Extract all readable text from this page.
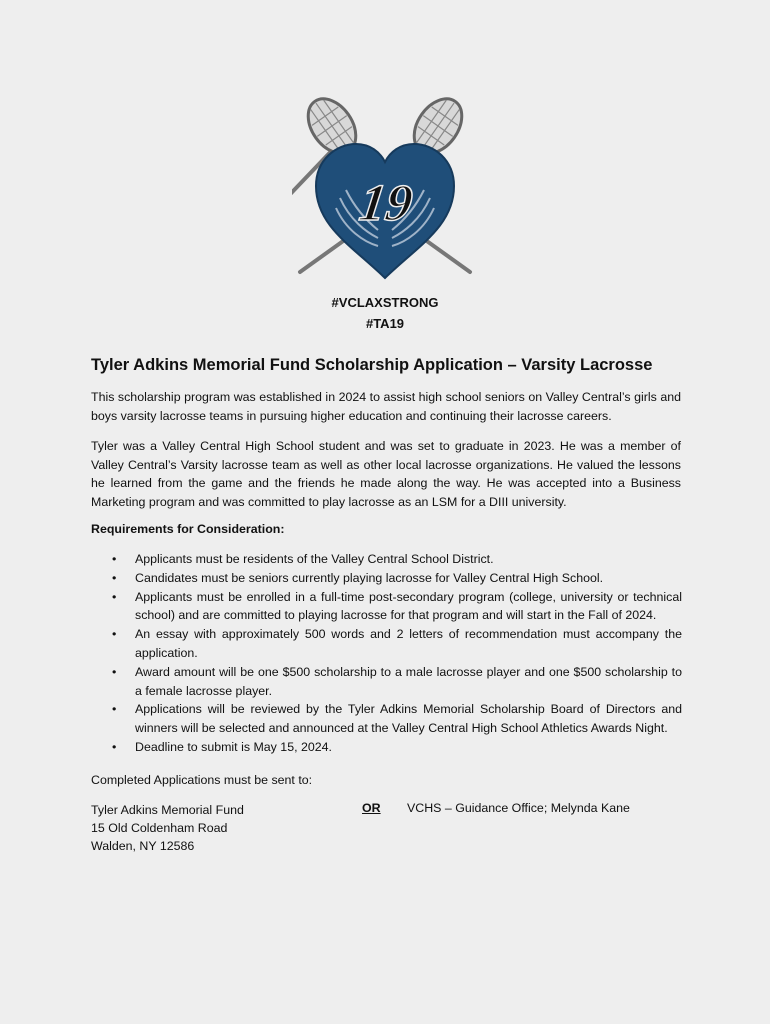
19
#VCLAXSTRONG
#TA19
Tyler Adkins Memorial Fund Scholarship Application – Varsity Lacrosse
This scholarship program was established in 2024 to assist high school seniors on Valley Central’s girls and boys varsity lacrosse teams in pursuing higher education and continuing their lacrosse careers.
Tyler was a Valley Central High School student and was set to graduate in 2023. He was a member of Valley Central’s Varsity lacrosse team as well as other local lacrosse organizations. He valued the lessons he learned from the game and the friends he made along the way. He was accepted into a Business Marketing program and was committed to play lacrosse as an LSM for a DIII university.
Requirements for Consideration:
• Applicants must be residents of the Valley Central School District.
• Candidates must be seniors currently playing lacrosse for Valley Central High School.
• Applicants must be enrolled in a full-time post-secondary program (college, university or technical school) and are committed to playing lacrosse for that program and will start in the Fall of 2024.
• An essay with approximately 500 words and 2 letters of recommendation must accompany the application.
• Award amount will be one $500 scholarship to a male lacrosse player and one $500 scholarship to a female lacrosse player.
• Applications will be reviewed by the Tyler Adkins Memorial Scholarship Board of Directors and winners will be selected and announced at the Valley Central High School Athletics Awards Night.
• Deadline to submit is May 15, 2024.
Completed Applications must be sent to:
Tyler Adkins Memorial Fund
15 Old Coldenham Road
Walden, NY 12586
OR VCHS – Guidance Office; Melynda Kane
